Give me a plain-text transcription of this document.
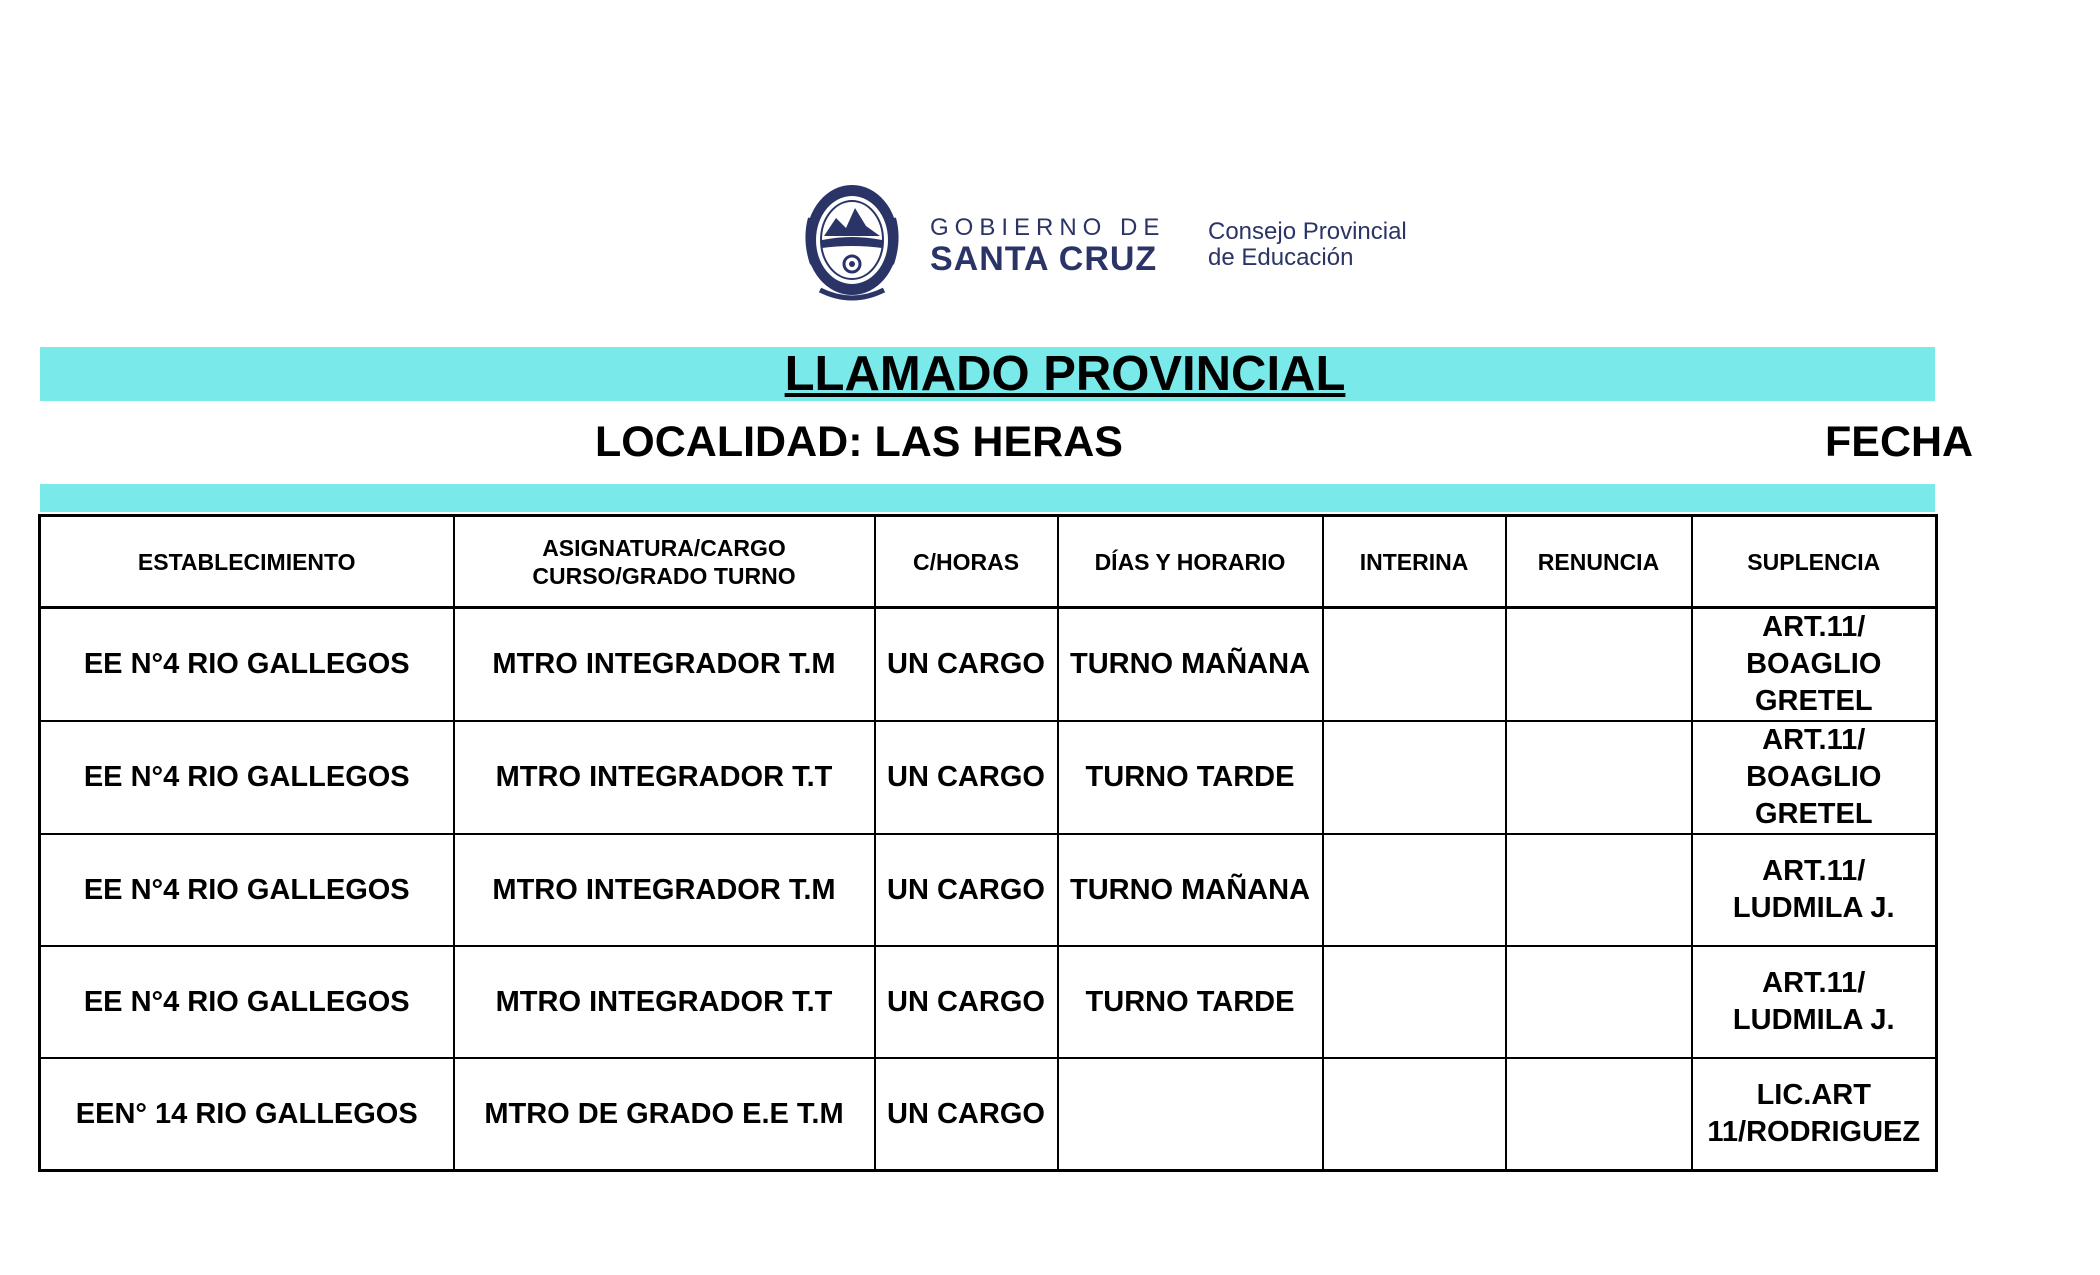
GOBIERNO DE
SANTA CRUZ
Consejo Provincial
de Educación
LLAMADO PROVINCIAL
LOCALIDAD: LAS HERAS	FECHA
ESTABLECIMIENTO	ASIGNATURA/CARGO
CURSO/GRADO TURNO	C/HORAS	DÍAS Y HORARIO	INTERINA	RENUNCIA	SUPLENCIA
EE N°4 RIO GALLEGOS	MTRO INTEGRADOR T.M	UN CARGO	TURNO MAÑANA			ART.11/
BOAGLIO
GRETEL
EE N°4 RIO GALLEGOS	MTRO INTEGRADOR T.T	UN CARGO	TURNO TARDE			ART.11/
BOAGLIO
GRETEL
EE N°4 RIO GALLEGOS	MTRO INTEGRADOR T.M	UN CARGO	TURNO MAÑANA			ART.11/
LUDMILA J.
EE N°4 RIO GALLEGOS	MTRO INTEGRADOR T.T	UN CARGO	TURNO TARDE			ART.11/
LUDMILA J.
EEN° 14 RIO GALLEGOS	MTRO DE GRADO E.E T.M	UN CARGO				LIC.ART
11/RODRIGUEZ
